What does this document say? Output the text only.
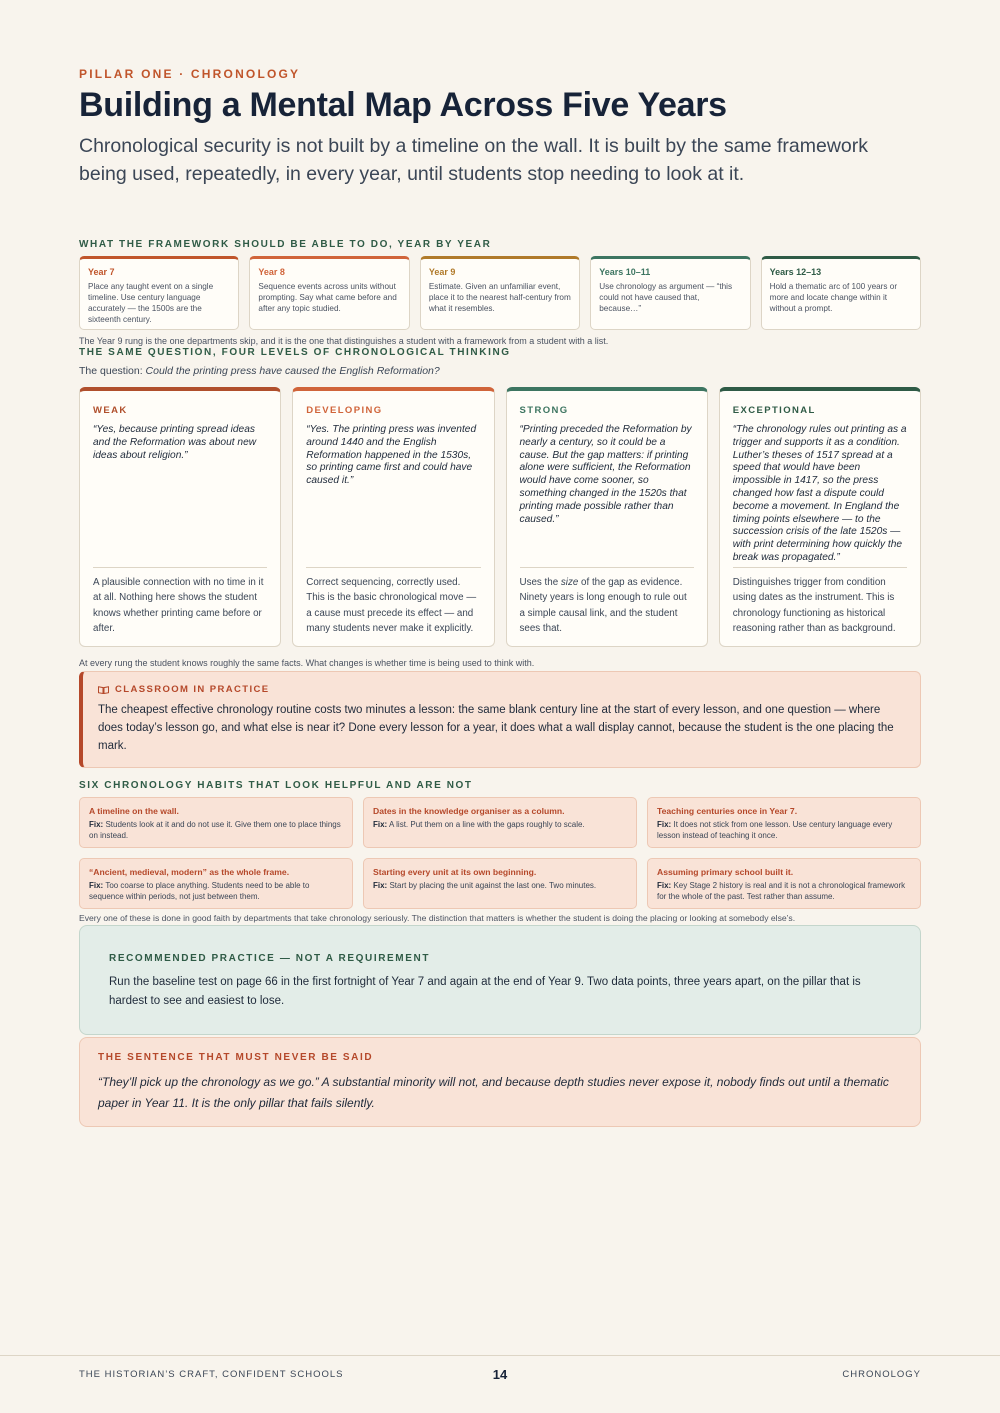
PILLAR ONE · CHRONOLOGY
Building a Mental Map Across Five Years

Chronological security is not built by a timeline on the wall. It is built by the same framework being used, repeatedly, in every year, until students stop needing to look at it.

WHAT THE FRAMEWORK SHOULD BE ABLE TO DO, YEAR BY YEAR
Year 7
Place any taught event on a single timeline. Use century language accurately — the 1500s are the sixteenth century.
Year 8
Sequence events across units without prompting. Say what came before and after any topic studied.
Year 9
Estimate. Given an unfamiliar event, place it to the nearest half-century from what it resembles.
Years 10–11
Use chronology as argument — “this could not have caused that, because…”
Years 12–13
Hold a thematic arc of 100 years or more and locate change within it without a prompt.
The Year 9 rung is the one departments skip, and it is the one that distinguishes a student with a framework from a student with a list.
THE SAME QUESTION, FOUR LEVELS OF CHRONOLOGICAL THINKING
The question: Could the printing press have caused the English Reformation?
WEAK
“Yes, because printing spread ideas and the Reformation was about new ideas about religion.”
A plausible connection with no time in it at all. Nothing here shows the student knows whether printing came before or after.
DEVELOPING
“Yes. The printing press was invented around 1440 and the English Reformation happened in the 1530s, so printing came first and could have caused it.”
Correct sequencing, correctly used. This is the basic chronological move — a cause must precede its effect — and many students never make it explicitly.
STRONG
“Printing preceded the Reformation by nearly a century, so it could be a cause. But the gap matters: if printing alone were sufficient, the Reformation would have come sooner, so something changed in the 1520s that printing made possible rather than caused.”
Uses the size of the gap as evidence. Ninety years is long enough to rule out a simple causal link, and the student sees that.
EXCEPTIONAL
“The chronology rules out printing as a trigger and supports it as a condition. Luther’s theses of 1517 spread at a speed that would have been impossible in 1417, so the press changed how fast a dispute could become a movement. In England the timing points elsewhere — to the succession crisis of the late 1520s — with print determining how quickly the break was propagated.”
Distinguishes trigger from condition using dates as the instrument. This is chronology functioning as historical reasoning rather than as background.
At every rung the student knows roughly the same facts. What changes is whether time is being used to think with.
CLASSROOM IN PRACTICE
The cheapest effective chronology routine costs two minutes a lesson: the same blank century line at the start of every lesson, and one question — where does today’s lesson go, and what else is near it? Done every lesson for a year, it does what a wall display cannot, because the student is the one placing the mark.
SIX CHRONOLOGY HABITS THAT LOOK HELPFUL AND ARE NOT
A timeline on the wall.
Fix: Students look at it and do not use it. Give them one to place things on instead.
Dates in the knowledge organiser as a column.
Fix: A list. Put them on a line with the gaps roughly to scale.
Teaching centuries once in Year 7.
Fix: It does not stick from one lesson. Use century language every lesson instead of teaching it once.
“Ancient, medieval, modern” as the whole frame.
Fix: Too coarse to place anything. Students need to be able to sequence within periods, not just between them.
Starting every unit at its own beginning.
Fix: Start by placing the unit against the last one. Two minutes.
Assuming primary school built it.
Fix: Key Stage 2 history is real and it is not a chronological framework for the whole of the past. Test rather than assume.
Every one of these is done in good faith by departments that take chronology seriously. The distinction that matters is whether the student is doing the placing or looking at somebody else’s.
RECOMMENDED PRACTICE — NOT A REQUIREMENT
Run the baseline test on page 66 in the first fortnight of Year 7 and again at the end of Year 9. Two data points, three years apart, on the pillar that is hardest to see and easiest to lose.
THE SENTENCE THAT MUST NEVER BE SAID
“They’ll pick up the chronology as we go.” A substantial minority will not, and because depth studies never expose it, nobody finds out until a thematic paper in Year 11. It is the only pillar that fails silently.
THE HISTORIAN’S CRAFT, CONFIDENT SCHOOLS	14	CHRONOLOGY
